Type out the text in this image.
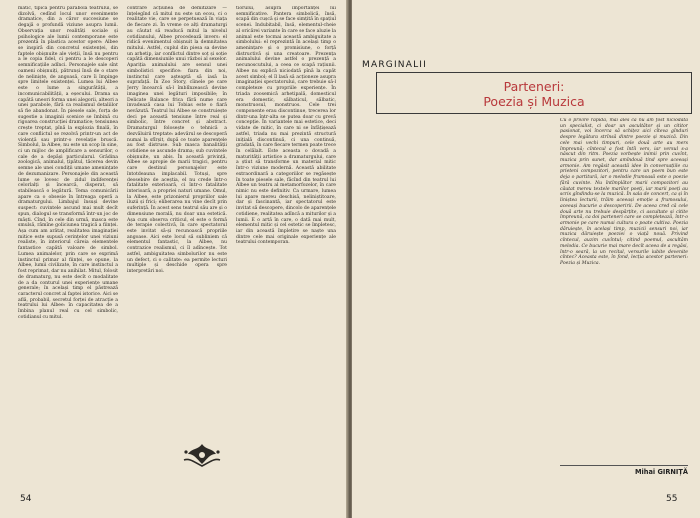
matic, tipică pentru parabola teatrului, se dizolvă, cedînd locul unor evenimente dramatice, din a căror succesiune se degajă o profundă viziune asupra lumii. Observația unor realități sociale și psihologice ale lumii contemporane este prezentă în plastica acestor opere: Albee se inspiră din concretul existenței, din faptele obișnuite ale vieții, însă nu pentru a le copia fidel, ci pentru a le descoperi semnificațiile adînci. Personajele sale sînt oameni obișnuiți, pătrunși însă de o stare de neliniște, de angoasă, care îi împinge spre limitele existenței. Lumea lui Albee este o lume a singurătății, a incomunicabilității, a eșecului. Drama sa capătă uneori forma unei alegorii, alteori a unei parabole, fără ca realismul detaliilor să fie abandonat. În piesele sale, forța de sugestie a imaginii scenice se îmbină cu rigoarea construcției dramatice; tensiunea crește treptat, pînă la explozia finală, în care conflictul se rezolvă printr-un act de violență sau printr-o revelație bruscă. Simbolul, la Albee, nu este un scop în sine, ci un mijloc de amplificare a sensurilor, o cale de a depăși particularul. Grădina zoologică, animalul, țipătul, tăcerea devin semne ale unei condiții umane amenințate de dezumanizare. Personajele din această lume se lovesc de zidul indiferenței celorlalți și încearcă, disperat, să stabilească o legătură. Tema comunicării apare ca o obsesie în întreaga operă a dramaturgului. Limbajul însuși devine suspect: cuvintele ascund mai mult decît spun, dialogul se transformă într-un joc de măști. Cînd, în cele din urmă, masca este smulsă, rămîne goliciunea tragică a ființei. Așa cum am arătat, realitatea imaginației mitice este supusă cerințelor unei viziuni realiste, în interiorul căreia elementele fantastice capătă valoare de simbol. Lumea animalelor, prin care se exprimă instinctul primar al ființei, se opune, la Albee, lumii civilizate, în care instinctul a fost reprimat, dar nu anihilat. Mitul, folosit de dramaturg, nu este decît o modalitate de a da conturul unei experiențe umane generale; în același timp el păstrează caracterul concret al faptei istorice. Aici se află, probabil, secretul forței de atracție a teatrului lui Albee: în capacitatea de a îmbina planul real cu cel simbolic, cotidianul cu mitul.
contrare acțiunea de demitizare — înțelegînd că mitul nu este un ecou, ci o realitate vie, care se perpetuează în viața de fiecare zi. În vreme ce alți dramaturgi au căutat să readucă mitul la nivelul cotidianului, Albee procedează invers: el ridică evenimentul obișnuit la demnitatea mitului. Astfel, cuplul din piesa sa devine un arhetip, iar conflictul dintre soț și soție capătă dimensiunile unui război al sexelor. Apariția animalului are sensul unei simbolistici specifice: fiara din noi, instinctul care așteaptă să iasă la suprafață. În Zoo Story, cîinele pe care Jerry încearcă să-l îmblînzească devine imaginea unei legături imposibile; în Delicate Balance frica fără nume care invadează casa lui Tobias este o fiară nevăzută. Teatrul lui Albee se construiește deci pe această tensiune între real și simbolic, între concret și abstract. Dramaturgul folosește o tehnică a dezvăluirii treptate: adevărul se descoperă numai la sfîrșit, după ce toate aparențele au fost distruse. Sub masca banalității cotidiene se ascunde drama; sub cuvintele obișnuite, un abis. În această privință, Albee se apropie de marii tragici, pentru care destinul personajelor este întotdeauna implacabil. Totuși, spre deosebire de aceștia, el nu crede într-o fatalitate exterioară, ci într-o fatalitate interioară, a propriei naturi umane. Omul, la Albee, este prizonierul propriilor sale iluzii și frici; eliberarea nu vine decît prin suferință. În acest sens teatrul său are și o dimensiune morală, nu doar una estetică. Așa cum observa criticul, el este o formă de terapie colectivă, în care spectatorul este invitat să-și recunoască propriile angoase. Aici este locul să subliniem că elementul fantastic, la Albee, nu contrazice realismul, ci îl adîncește. Tot astfel, ambiguitatea simbolurilor nu este un defect, ci o calitate: ea permite lecturi multiple și deschide opera spre interpretări noi.
tiorului, asupra importanței lui semnificative. Pantera simbolică, însă, scapă din cușcă și se face simțită în spațiul scenei. Indubitabil, însă, elementul-cheie al oricărei variante în care se face aluzie la animal este tocmai această ambiguitate a simbolului: el reprezintă în același timp o amenințare și o promisiune, o forță distructivă și una creatoare. Prezența animalului devine astfel o prezență a necunoscutului, a ceea ce scapă rațiunii. Albee nu explică niciodată pînă la capăt acest simbol; el îl lasă să acționeze asupra imaginației spectatorului, care trebuie să-l completeze cu propriile experiențe. În triada zoosemică arhetipală, domesticul era domestic, sălbaticul, sălbatic, monstruosul, monstruos. Cele trei componente erau discontinue, trecerea lor dintr-una într-alta se putea doar cu grevă concepție. În variantele mai estetice, deci vidate de mitic, în care ni se înfățișează astfel, triada nu mai prezintă structură inițială discontinuă, ci una continuă, gradată, în care fiecare termen poate trece în celălalt. Este aceasta o dovadă a maturității artistice a dramaturgului, care a știut să transforme un material mitic într-o viziune modernă. Această abilitate extraordinară a categoriilor se regăsește în toate piesele sale, făcînd din teatrul lui Albee un teatru al metamorfozelor, în care nimic nu este definitiv. Ca urmare, lumea lui apare mereu deschisă, neliniștitoare, dar și fascinantă, iar spectatorul este invitat să descopere, dincolo de aparențele cotidiene, realitatea adîncă a miturilor și a lumii. E o artă în care, o dată mai mult, elementul mitic și cel estetic se împletesc, iar din această împletire se naște una dintre cele mai originale experiențe ale teatrului contemporan.
54
MARGINALII
Parteneri:
Poezia și Muzica
Cu o privire rapidă, mai ales că nu am fost niciodată un specialist, ci doar un ascultător și un cititor pasionat, voi încerca să schițez aici cîteva gînduri despre legătura strînsă dintre poezie și muzică. Din cele mai vechi timpuri, cele două arte au mers împreună; cîntecul a fost întîi vers, iar versul s-a născut din ritm. Poezia vorbește inimii prin cuvînt, muzica prin sunet, dar amîndouă tind spre aceeași armonie. Am regăsit această idee în conversațiile cu prieteni compozitori, pentru care un poem bun este deja o partitură, iar o melodie frumoasă este o poezie fără cuvinte. Nu întîmplător marii compozitori au căutat mereu textele marilor poeți, iar marii poeți au scris gîndindu-se la muzică. În sala de concert, ca și în liniștea lecturii, trăim aceeași emoție a frumosului, aceeași bucurie a descoperirii. De aceea cred că cele două arte nu trebuie despărțite, ci ascultate și citite împreună, ca doi parteneri care se completează, într-o armonie pe care numai cultura o poate cultiva. Poezia dăruiește, în același timp, muzicii sensuri noi, iar muzica dăruiește poeziei o viață nouă. Privind cîntecul, auzim cuvîntul; citind poemul, ascultăm melodia. Ce bucurie mai mare decît aceea de a regăsi, într-o seară, la un recital, versurile iubite devenite cîntec? Aceasta este, în fond, lecția acestor parteneri: Poezia și Muzica.
Mihai GIRNIȚĂ
55
